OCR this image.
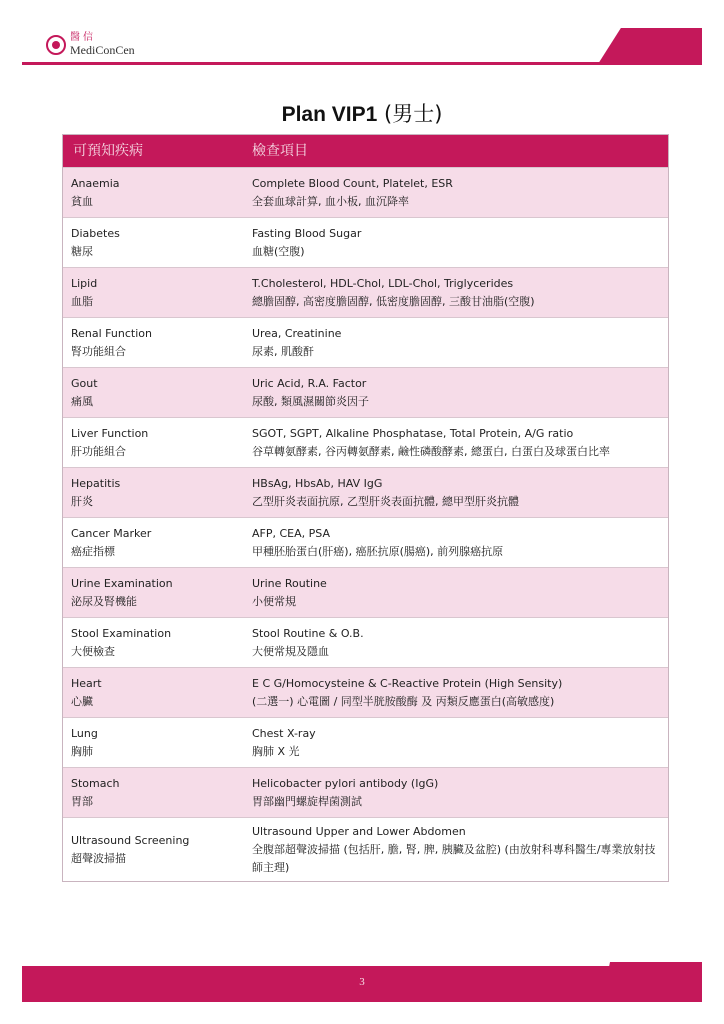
醫信
MediConCen
Plan VIP1 (男士)
可預知疾病	檢查項目
Anaemia
貧血
Complete Blood Count, Platelet, ESR
全套血球計算, 血小板, 血沉降率
Diabetes
糖尿
Fasting Blood Sugar
血糖(空腹)
Lipid
血脂
T.Cholesterol, HDL-Chol, LDL-Chol, Triglycerides
總膽固醇, 高密度膽固醇, 低密度膽固醇, 三酸甘油脂(空腹)
Renal Function
腎功能組合
Urea, Creatinine
尿素, 肌酸酐
Gout
痛風
Uric Acid, R.A. Factor
尿酸, 類風濕關節炎因子
Liver Function
肝功能組合
SGOT, SGPT, Alkaline Phosphatase, Total Protein, A/G ratio
谷草轉氨酵素, 谷丙轉氨酵素, 鹼性磷酸酵素, 總蛋白, 白蛋白及球蛋白比率
Hepatitis
肝炎
HBsAg, HbsAb, HAV IgG
乙型肝炎表面抗原, 乙型肝炎表面抗體, 總甲型肝炎抗體
Cancer Marker
癌症指標
AFP, CEA, PSA
甲種胚胎蛋白(肝癌), 癌胚抗原(腸癌), 前列腺癌抗原
Urine Examination
泌尿及腎機能
Urine Routine
小便常規
Stool Examination
大便檢查
Stool Routine & O.B.
大便常規及隱血
Heart
心臟
E C G/Homocysteine & C-Reactive Protein (High Sensity)
(二選一) 心電圖 / 同型半胱胺酸酶 及 丙類反應蛋白(高敏感度)
Lung
胸肺
Chest X-ray
胸肺 X 光
Stomach
胃部
Helicobacter pylori antibody (IgG)
胃部幽門螺旋桿菌測試
Ultrasound Screening
超聲波掃描
Ultrasound Upper and Lower Abdomen
全腹部超聲波掃描 (包括肝, 膽, 腎, 脾, 胰臟及盆腔) (由放射科專科醫生/專業放射技師主理)
3
